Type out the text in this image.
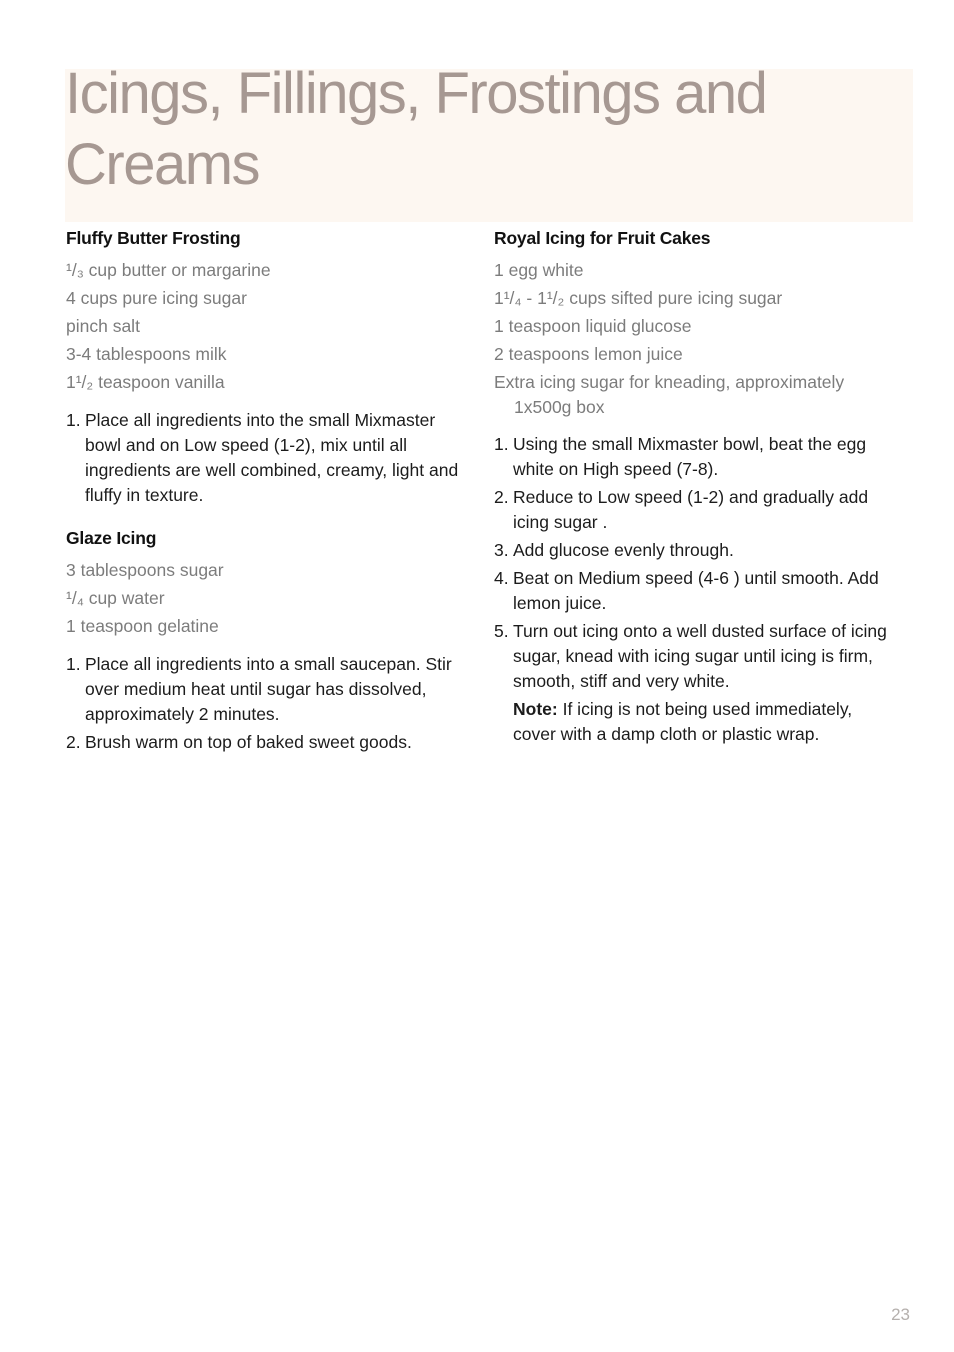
Icings, Fillings, Frostings and Creams
Fluffy Butter Frosting
¹/₃ cup butter or margarine
4 cups pure icing sugar
pinch salt
3-4 tablespoons milk
1¹/₂ teaspoon vanilla
1. Place all ingredients into the small Mixmaster bowl and on Low speed (1-2), mix until all ingredients are well combined, creamy, light and fluffy in texture.
Glaze Icing
3 tablespoons sugar
¹/₄ cup water
1 teaspoon gelatine
1. Place all ingredients into a small saucepan. Stir over medium heat until sugar has dissolved, approximately 2 minutes.
2. Brush warm on top of baked sweet goods.
Royal Icing for Fruit Cakes
1 egg white
1¹/₄ - 1¹/₂ cups sifted pure icing sugar
1 teaspoon liquid glucose
2 teaspoons lemon juice
Extra icing sugar for kneading, approximately 1x500g box
1. Using the small Mixmaster bowl, beat the egg white on High speed (7-8).
2. Reduce to Low speed (1-2) and gradually add icing sugar .
3. Add glucose evenly through.
4. Beat on Medium speed (4-6 ) until smooth. Add lemon juice.
5. Turn out icing onto a well dusted surface of icing sugar, knead with icing sugar until icing is firm, smooth, stiff and very white.
Note: If icing is not being used immediately, cover with a damp cloth or plastic wrap.
23
